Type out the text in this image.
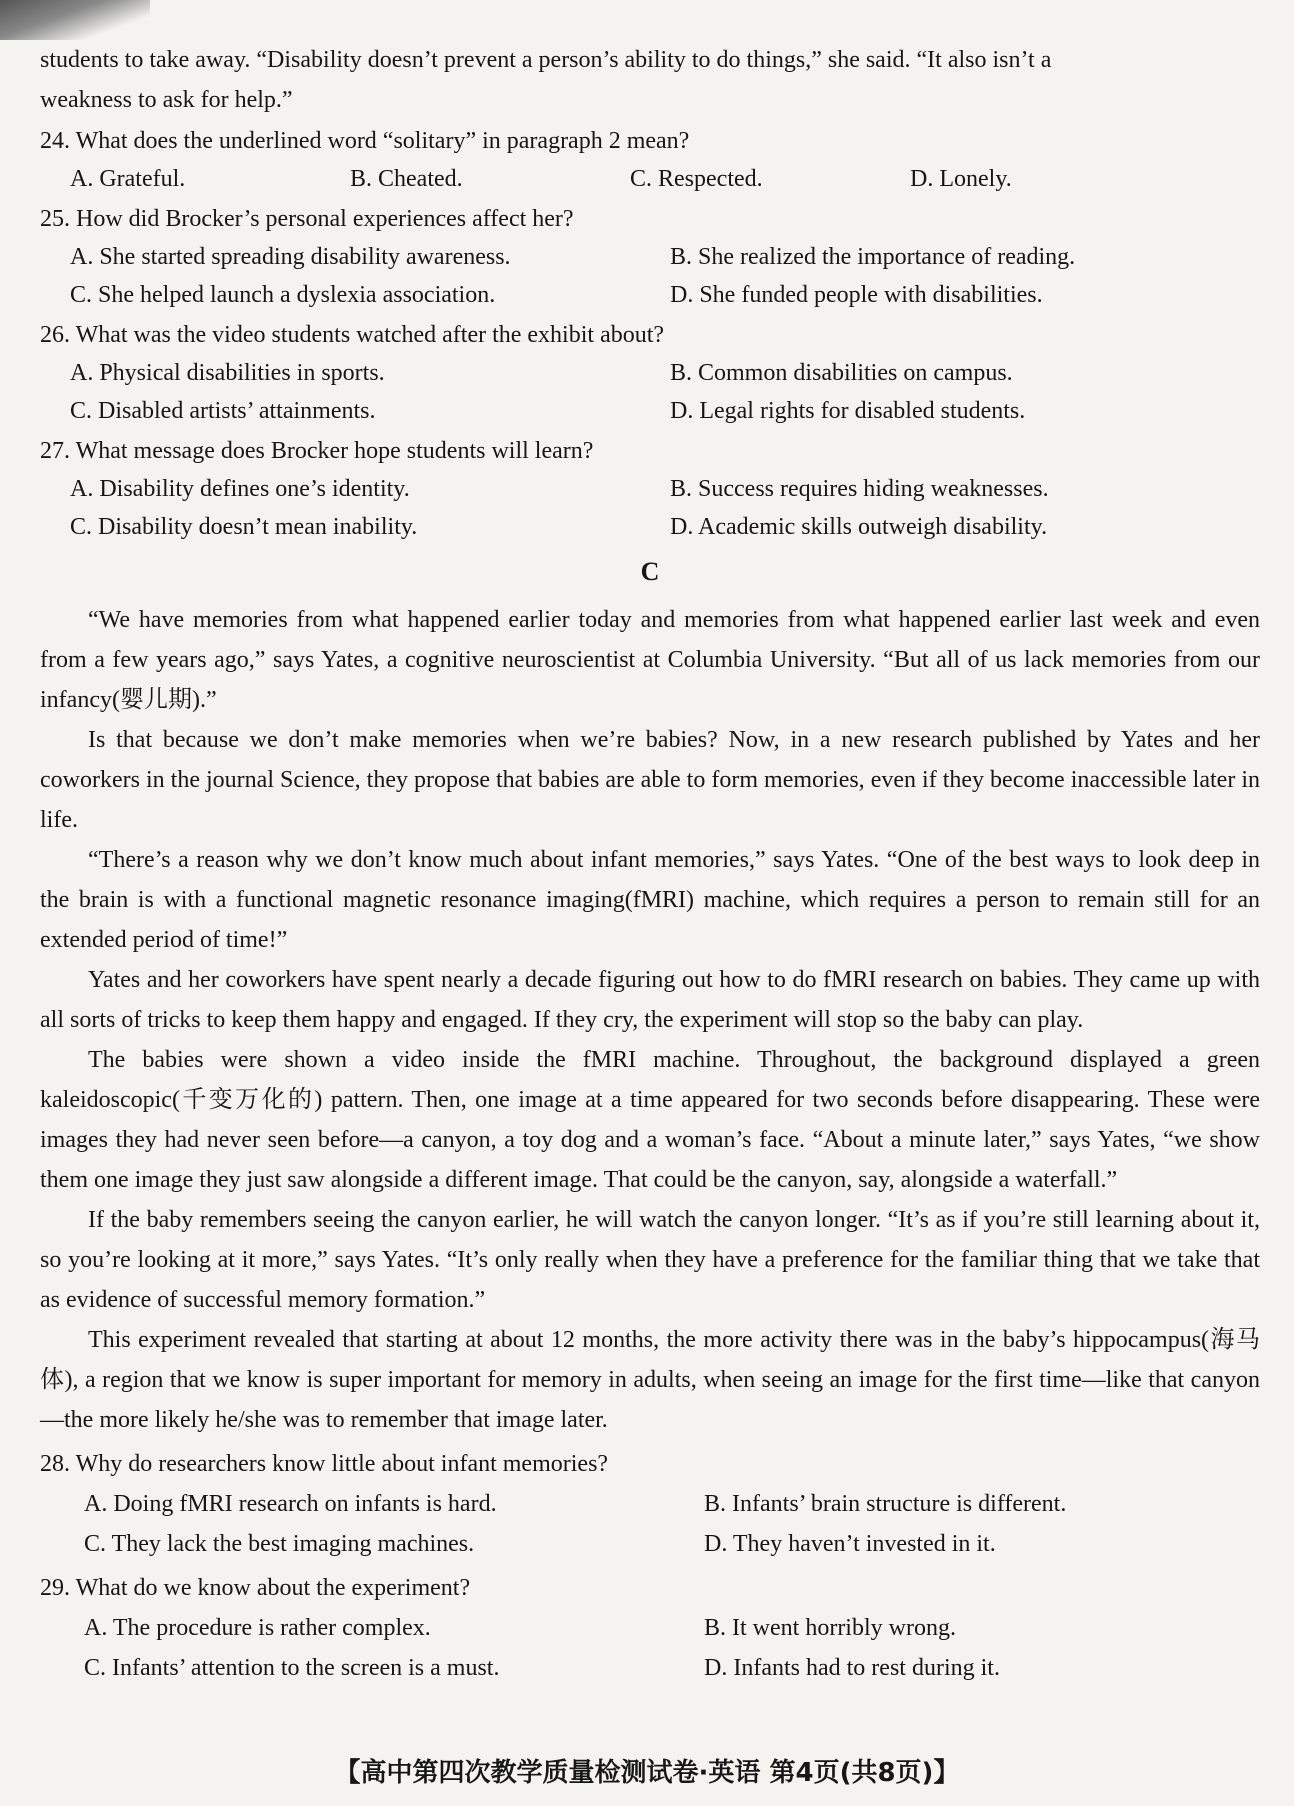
students to take away. “Disability doesn’t prevent a person’s ability to do things,” she said. “It also isn’t a
weakness to ask for help.”
24. What does the underlined word “solitary” in paragraph 2 mean?
A. Grateful.	B. Cheated.	C. Respected.	D. Lonely.
25. How did Brocker’s personal experiences affect her?
A. She started spreading disability awareness.	B. She realized the importance of reading.
C. She helped launch a dyslexia association.	D. She funded people with disabilities.
26. What was the video students watched after the exhibit about?
A. Physical disabilities in sports.	B. Common disabilities on campus.
C. Disabled artists’ attainments.	D. Legal rights for disabled students.
27. What message does Brocker hope students will learn?
A. Disability defines one’s identity.	B. Success requires hiding weaknesses.
C. Disability doesn’t mean inability.	D. Academic skills outweigh disability.
C

“We have memories from what happened earlier today and memories from what happened earlier last week and even from a few years ago,” says Yates, a cognitive neuroscientist at Columbia University. “But all of us lack memories from our infancy(婴儿期).”

Is that because we don’t make memories when we’re babies? Now, in a new research published by Yates and her coworkers in the journal Science, they propose that babies are able to form memories, even if they become inaccessible later in life.

“There’s a reason why we don’t know much about infant memories,” says Yates. “One of the best ways to look deep in the brain is with a functional magnetic resonance imaging(fMRI) machine, which requires a person to remain still for an extended period of time!”

Yates and her coworkers have spent nearly a decade figuring out how to do fMRI research on babies. They came up with all sorts of tricks to keep them happy and engaged. If they cry, the experiment will stop so the baby can play.

The babies were shown a video inside the fMRI machine. Throughout, the background displayed a green kaleidoscopic(千变万化的) pattern. Then, one image at a time appeared for two seconds before disappearing. These were images they had never seen before—a canyon, a toy dog and a woman’s face. “About a minute later,” says Yates, “we show them one image they just saw alongside a different image. That could be the canyon, say, alongside a waterfall.”

If the baby remembers seeing the canyon earlier, he will watch the canyon longer. “It’s as if you’re still learning about it, so you’re looking at it more,” says Yates. “It’s only really when they have a preference for the familiar thing that we take that as evidence of successful memory formation.”

This experiment revealed that starting at about 12 months, the more activity there was in the baby’s hippocampus(海马体), a region that we know is super important for memory in adults, when seeing an image for the first time—like that canyon—the more likely he/she was to remember that image later.

28. Why do researchers know little about infant memories?
A. Doing fMRI research on infants is hard.	B. Infants’ brain structure is different.
C. They lack the best imaging machines.	D. They haven’t invested in it.
29. What do we know about the experiment?
A. The procedure is rather complex.	B. It went horribly wrong.
C. Infants’ attention to the screen is a must.	D. Infants had to rest during it.
【高中第四次教学质量检测试卷·英语 第4页(共8页)】
